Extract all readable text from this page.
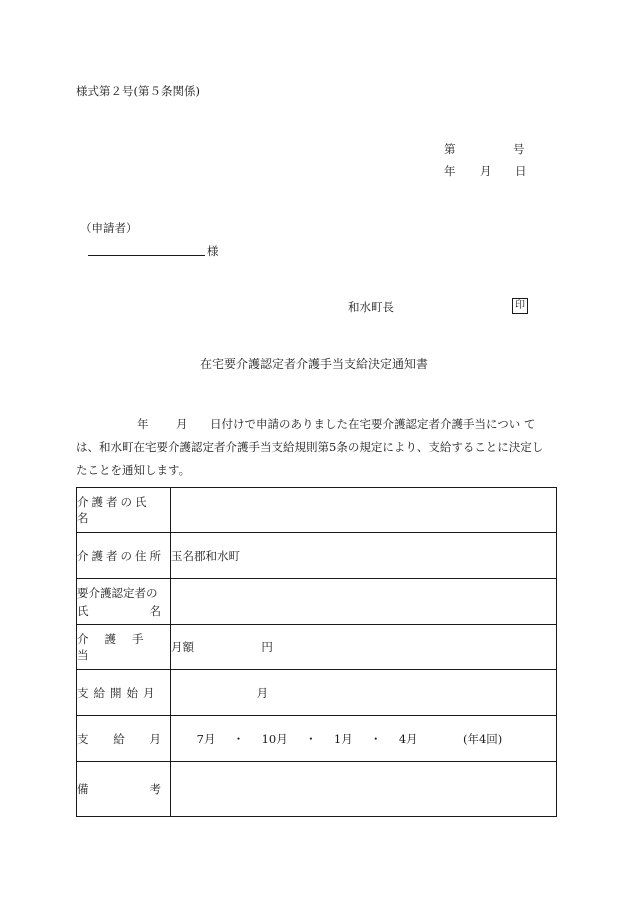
様式第２号(第５条関係)
第	号
年 月 日
（申請者）
様
和水町長	印
在宅要介護認定者介護手当支給決定通知書
年 月 日付けで申請のありました在宅要介護認定者介護手当につい て
は、和水町在宅要介護認定者介護手当支給規則第5条の規定により、支給することに決定し
たことを通知します。
介護者の氏名	

介護者の住所	玉名郡和水町

要介護認定者の
氏 名	

介護手当	月額 円

支給開始月	月

支 給 月	7月 ・ 10月 ・ 1月 ・ 4月 (年4回)

備 考	
